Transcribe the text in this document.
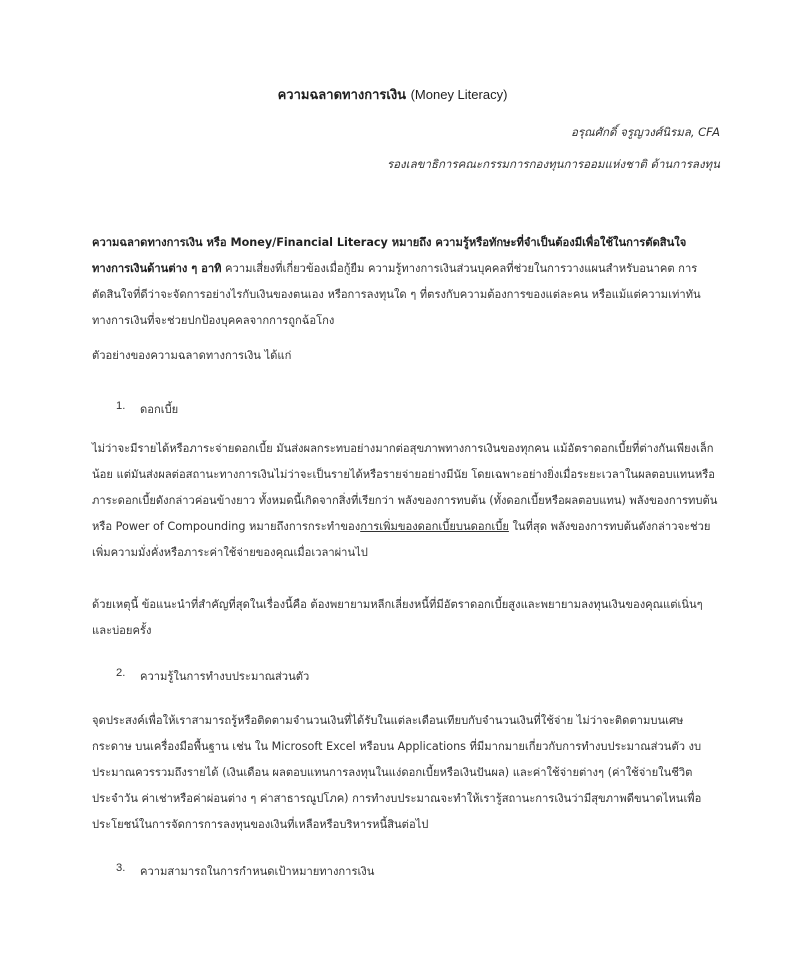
ความฉลาดทางการเงิน (Money Literacy)
อรุณศักดิ์ จรูญวงศ์นิรมล, CFA
รองเลขาธิการคณะกรรมการกองทุนการออมแห่งชาติ ด้านการลงทุน
ความฉลาดทางการเงิน หรือ Money/Financial Literacy หมายถึง ความรู้หรือทักษะที่จำเป็นต้องมีเพื่อใช้ในการตัดสินใจทางการเงินด้านต่าง ๆ อาทิ ความเสี่ยงที่เกี่ยวข้องเมื่อกู้ยืม ความรู้ทางการเงินส่วนบุคคลที่ช่วยในการวางแผนสำหรับอนาคต การตัดสินใจที่ดีว่าจะจัดการอย่างไรกับเงินของตนเอง หรือการลงทุนใด ๆ ที่ตรงกับความต้องการของแต่ละคน หรือแม้แต่ความเท่าทันทางการเงินที่จะช่วยปกป้องบุคคลจากการถูกฉ้อโกง
ตัวอย่างของความฉลาดทางการเงิน ได้แก่
1.	ดอกเบี้ย
ไม่ว่าจะมีรายได้หรือภาระจ่ายดอกเบี้ย มันส่งผลกระทบอย่างมากต่อสุขภาพทางการเงินของทุกคน แม้อัตราดอกเบี้ยที่ต่างกันเพียงเล็กน้อย แต่มันส่งผลต่อสถานะทางการเงินไม่ว่าจะเป็นรายได้หรือรายจ่ายอย่างมีนัย โดยเฉพาะอย่างยิ่งเมื่อระยะเวลาในผลตอบแทนหรือภาระดอกเบี้ยดังกล่าวค่อนข้างยาว ทั้งหมดนี้เกิดจากสิ่งที่เรียกว่า พลังของการทบต้น (ทั้งดอกเบี้ยหรือผลตอบแทน) พลังของการทบต้น หรือ Power of Compounding หมายถึงการกระทำของการเพิ่มของดอกเบี้ยบนดอกเบี้ย ในที่สุด พลังของการทบต้นดังกล่าวจะช่วยเพิ่มความมั่งคั่งหรือภาระค่าใช้จ่ายของคุณเมื่อเวลาผ่านไป
ด้วยเหตุนี้ ข้อแนะนำที่สำคัญที่สุดในเรื่องนี้คือ ต้องพยายามหลีกเลี่ยงหนี้ที่มีอัตราดอกเบี้ยสูงและพยายามลงทุนเงินของคุณแต่เนิ่นๆ และบ่อยครั้ง
2.	ความรู้ในการทำงบประมาณส่วนตัว
จุดประสงค์เพื่อให้เราสามารถรู้หรือติดตามจำนวนเงินที่ได้รับในแต่ละเดือนเทียบกับจำนวนเงินที่ใช้จ่าย ไม่ว่าจะติดตามบนเศษกระดาษ บนเครื่องมือพื้นฐาน เช่น ใน Microsoft Excel หรือบน Applications ที่มีมากมายเกี่ยวกับการทำงบประมาณส่วนตัว งบประมาณควรรวมถึงรายได้ (เงินเดือน ผลตอบแทนการลงทุนในแง่ดอกเบี้ยหรือเงินปันผล) และค่าใช้จ่ายต่างๆ (ค่าใช้จ่ายในชีวิตประจำวัน ค่าเช่าหรือค่าผ่อนต่าง ๆ ค่าสาธารณูปโภค) การทำงบประมาณจะทำให้เรารู้สถานะการเงินว่ามีสุขภาพดีขนาดไหนเพื่อประโยชน์ในการจัดการการลงทุนของเงินที่เหลือหรือบริหารหนี้สินต่อไป
3.	ความสามารถในการกำหนดเป้าหมายทางการเงิน
